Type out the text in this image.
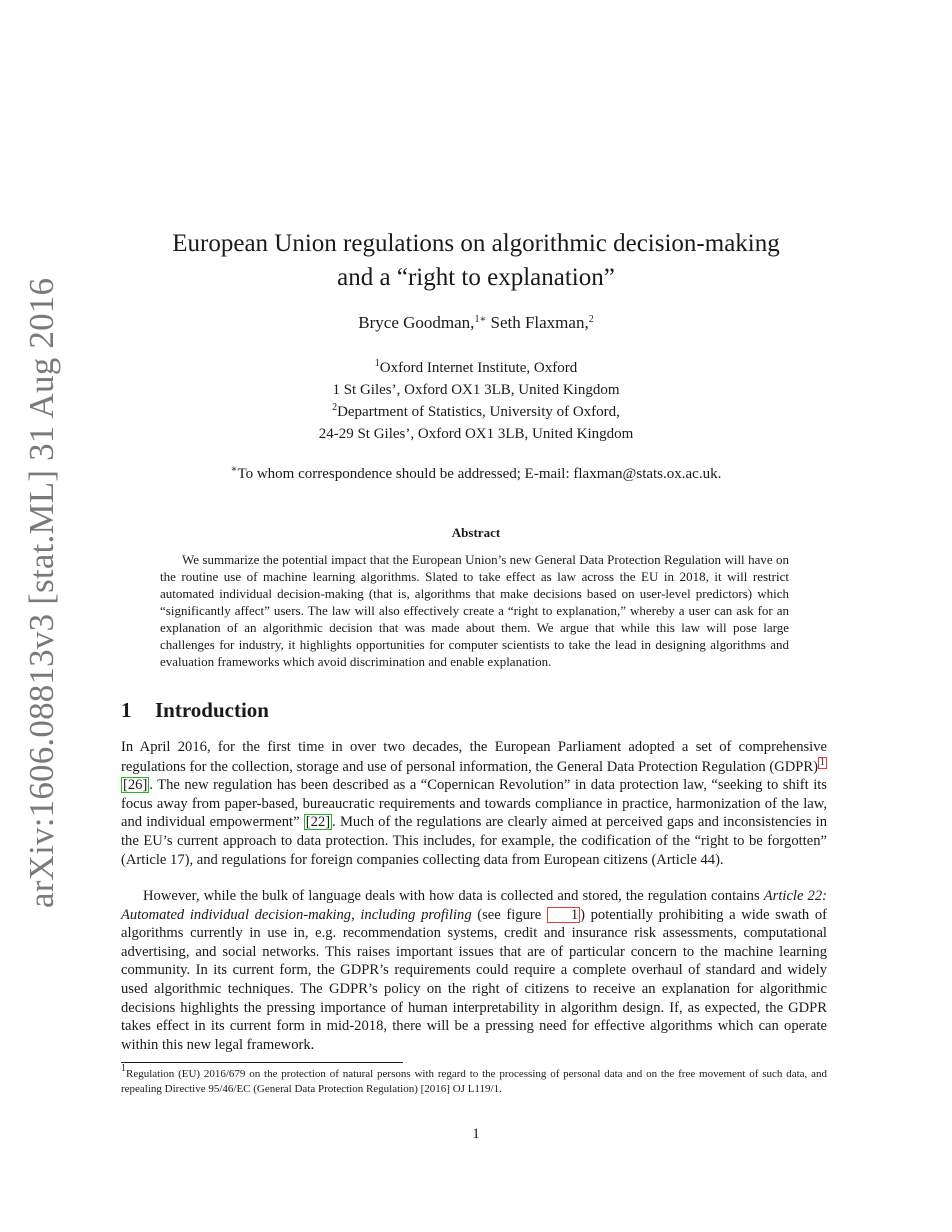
arXiv:1606.08813v3 [stat.ML] 31 Aug 2016
European Union regulations on algorithmic decision-making
and a “right to explanation”
Bryce Goodman,$^{1∗}$ Seth Flaxman,$^2$
$^1$Oxford Internet Institute, Oxford
1 St Giles’, Oxford OX1 3LB, United Kingdom
$^2$Department of Statistics, University of Oxford,
24-29 St Giles’, Oxford OX1 3LB, United Kingdom
∗To whom correspondence should be addressed; E-mail: flaxman@stats.ox.ac.uk.
Abstract
We summarize the potential impact that the European Union’s new General Data Protection Regulation will have on the routine use of machine learning algorithms. Slated to take effect as law across the EU in 2018, it will restrict automated individual decision-making (that is, algorithms that make decisions based on user-level predictors) which “significantly affect” users. The law will also effectively create a “right to explanation,” whereby a user can ask for an explanation of an algorithmic decision that was made about them. We argue that while this law will pose large challenges for industry, it highlights opportunities for computer scientists to take the lead in designing algorithms and evaluation frameworks which avoid discrimination and enable explanation.
1 Introduction
In April 2016, for the first time in over two decades, the European Parliament adopted a set of comprehensive regulations for the collection, storage and use of personal information, the General Data Protection Regulation (GDPR) 1 [26] . The new regulation has been described as a “Copernican Revolution” in data protection law, “seeking to shift its focus away from paper-based, bureaucratic requirements and towards compliance in practice, harmonization of the law, and individual empowerment” [22] . Much of the regulations are clearly aimed at perceived gaps and inconsistencies in the EU’s current approach to data protection. This includes, for example, the codification of the “right to be forgotten” (Article 17), and regulations for foreign companies collecting data from European citizens (Article 44).
However, while the bulk of language deals with how data is collected and stored, the regulation contains Article 22: Automated individual decision-making, including profiling (see figure 1 ) potentially prohibiting a wide swath of algorithms currently in use in, e.g. recommendation systems, credit and insurance risk assessments, computational advertising, and social networks. This raises important issues that are of particular concern to the machine learning community. In its current form, the GDPR’s requirements could require a complete overhaul of standard and widely used algorithmic techniques. The GDPR’s policy on the right of citizens to receive an explanation for algorithmic decisions highlights the pressing importance of human interpretability in algorithm design. If, as expected, the GDPR takes effect in its current form in mid-2018, there will be a pressing need for effective algorithms which can operate within this new legal framework.
$^1$Regulation (EU) 2016/679 on the protection of natural persons with regard to the processing of personal data and on the free movement of such data, and repealing Directive 95/46/EC (General Data Protection Regulation) [2016] OJ L119/1.
1
